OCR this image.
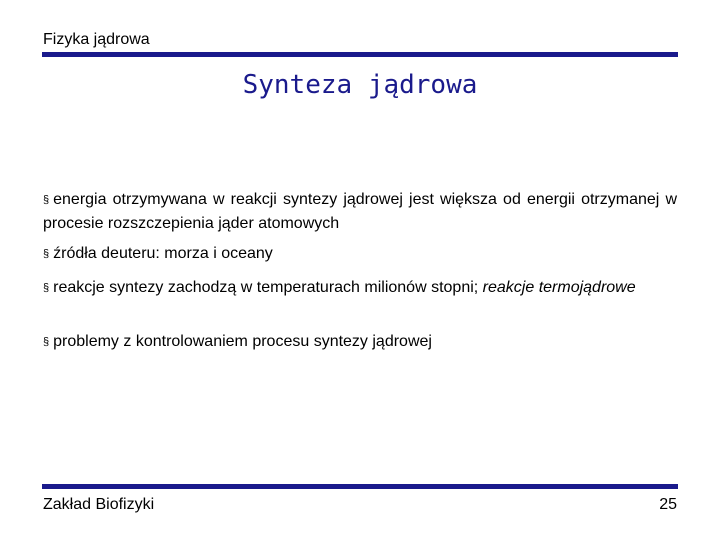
Fizyka jądrowa
Synteza jądrowa

§ energia otrzymywana w reakcji syntezy jądrowej jest większa od energii otrzymanej w procesie rozszczepienia jąder atomowych

§ źródła deuteru: morza i oceany

§ reakcje syntezy zachodzą w temperaturach milionów stopni; reakcje termojądrowe

§ problemy z kontrolowaniem procesu syntezy jądrowej

Zakład Biofizyki	25
